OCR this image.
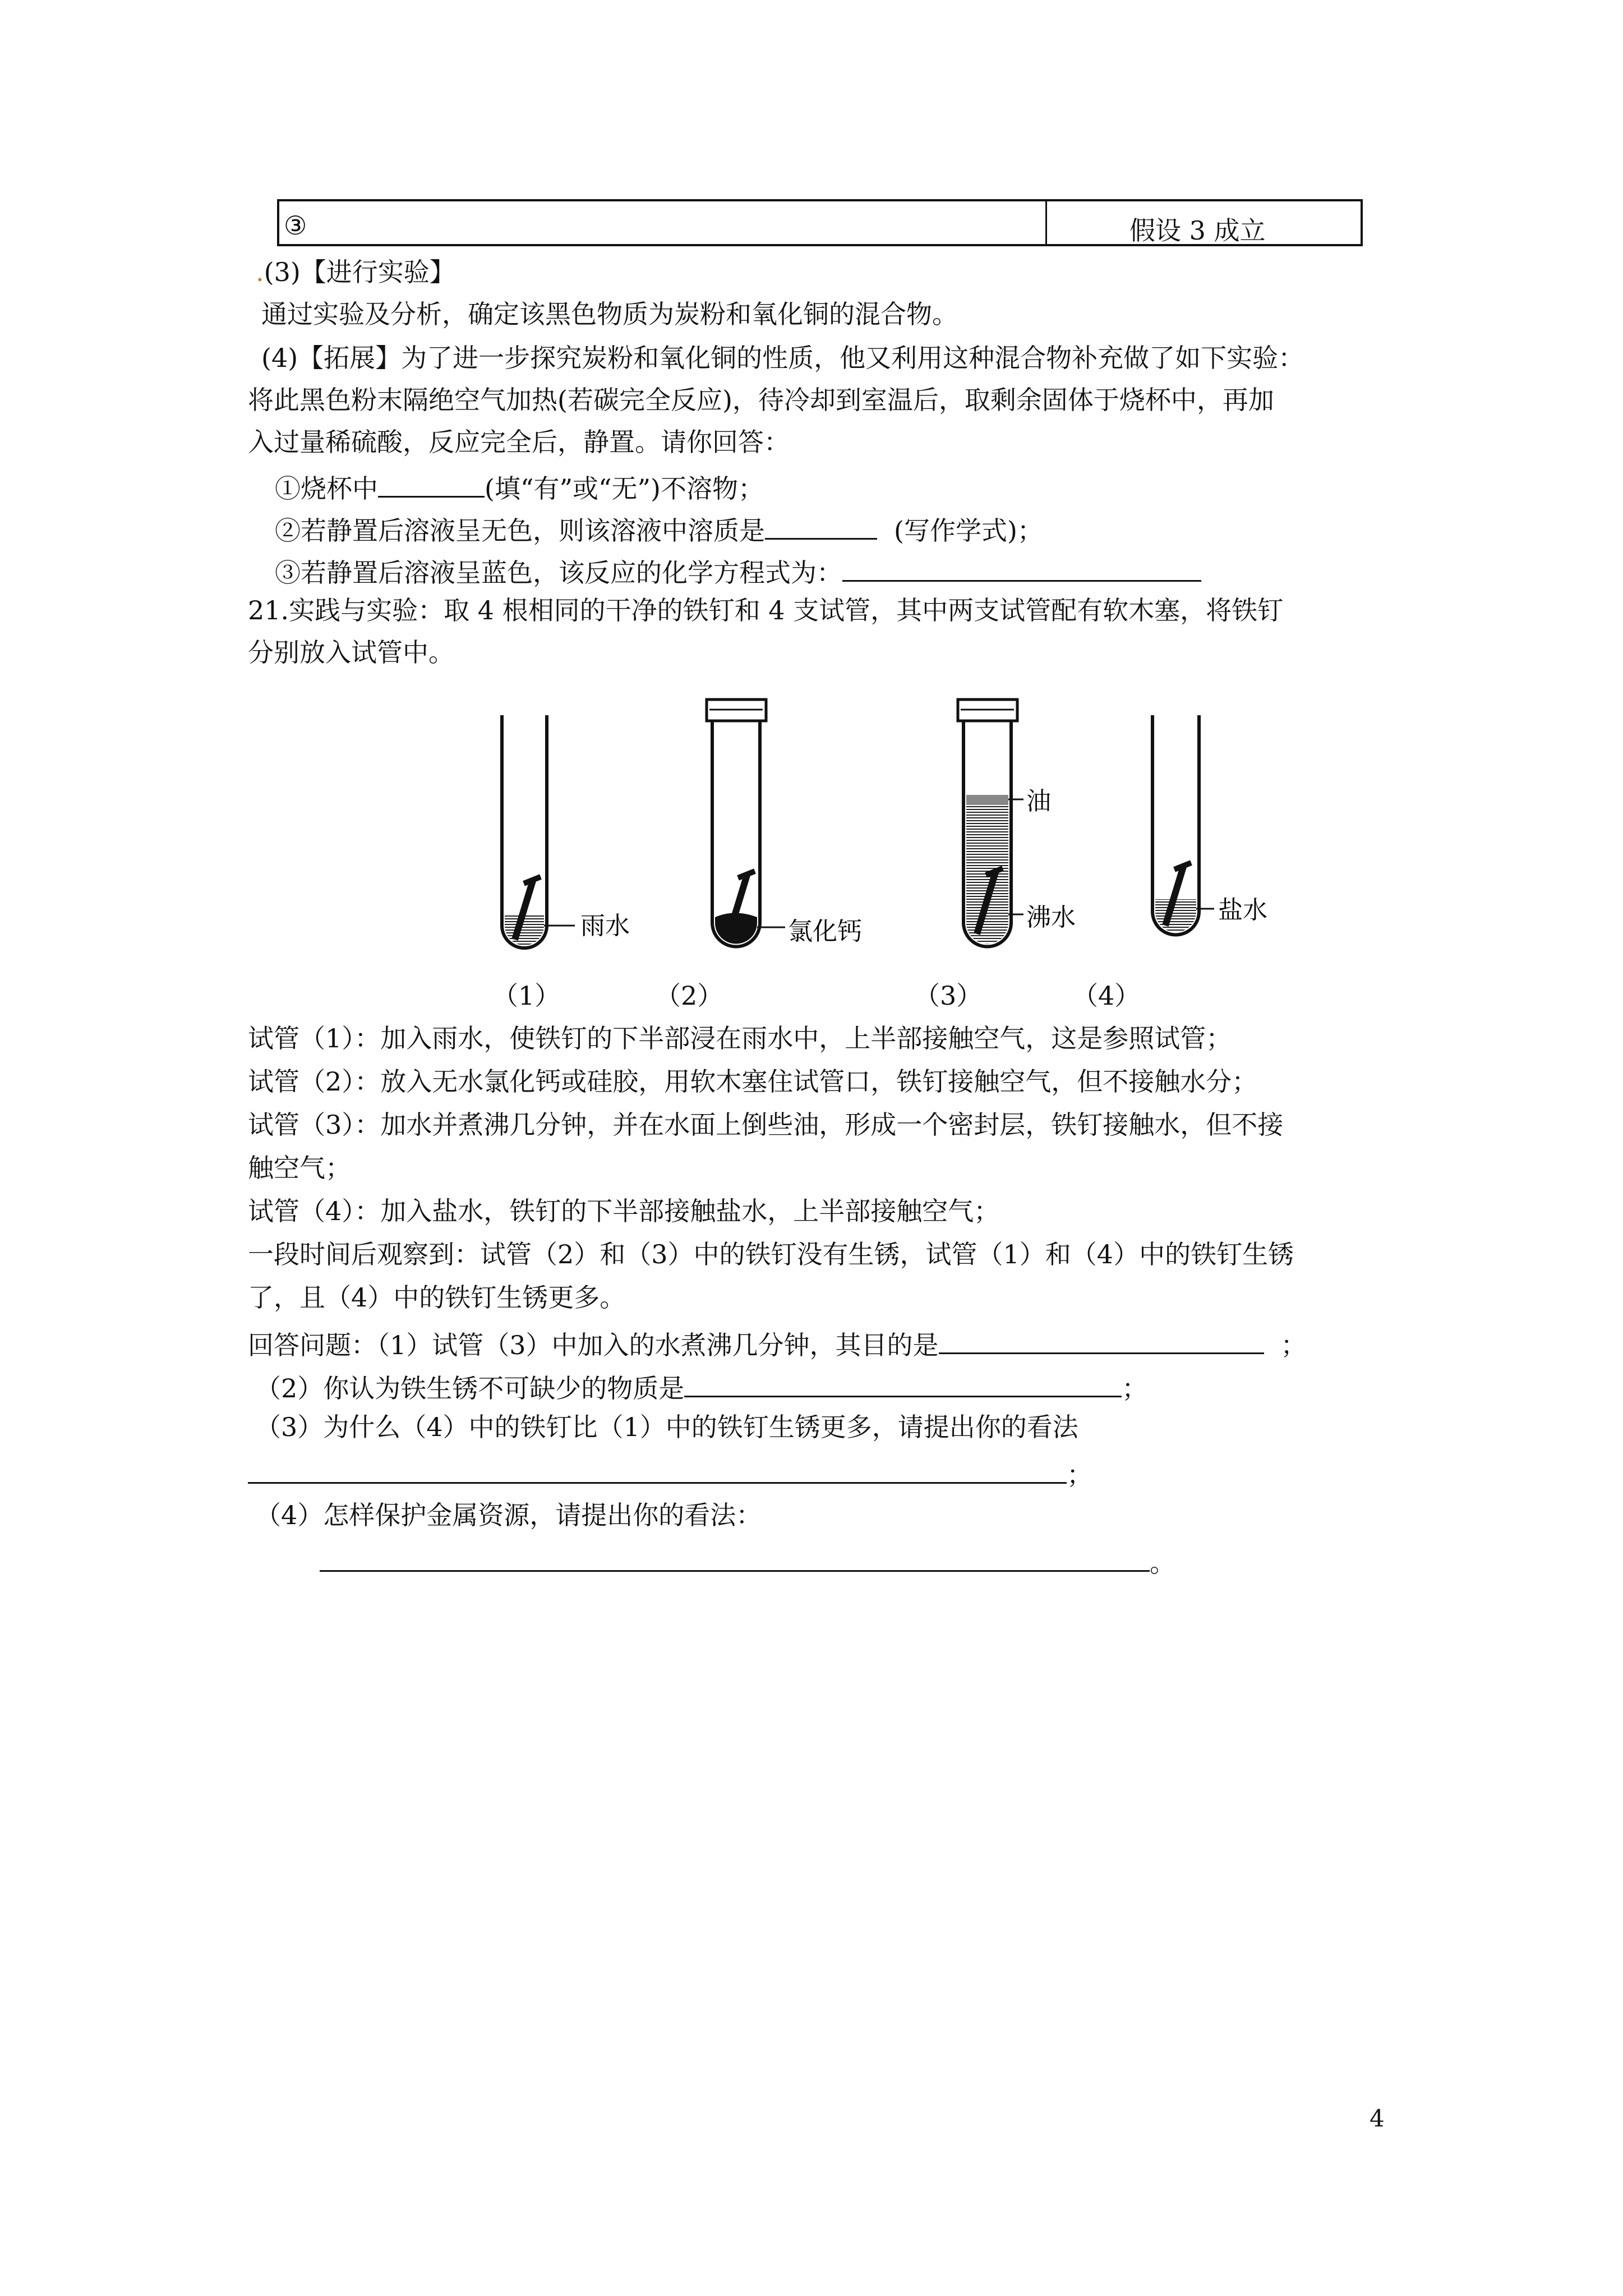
③	假设 3 成立
.(3)【进行实验】
通过实验及分析，确定该黑色物质为炭粉和氧化铜的混合物。
(4)【拓展】为了进一步探究炭粉和氧化铜的性质，他又利用这种混合物补充做了如下实验：
将此黑色粉末隔绝空气加热(若碳完全反应)，待冷却到室温后，取剩余固体于烧杯中，再加
入过量稀硫酸，反应完全后，静置。请你回答：
①烧杯中	(填“有”或“无”)不溶物；
②若静置后溶液呈无色，则该溶液中溶质是	(写作学式)；
③若静置后溶液呈蓝色，该反应的化学方程式为：
21.实践与实验：取 4 根相同的干净的铁钉和 4 支试管，其中两支试管配有软木塞，将铁钉
分别放入试管中。
雨水	氯化钙
油
沸水	盐水
（1）	（2）	（3）	（4）
试管（1）：加入雨水，使铁钉的下半部浸在雨水中，上半部接触空气，这是参照试管；
试管（2）：放入无水氯化钙或硅胶，用软木塞住试管口，铁钉接触空气，但不接触水分；
试管（3）：加水并煮沸几分钟，并在水面上倒些油，形成一个密封层，铁钉接触水，但不接
触空气；
试管（4）：加入盐水，铁钉的下半部接触盐水，上半部接触空气；
一段时间后观察到：试管（2）和（3）中的铁钉没有生锈，试管（1）和（4）中的铁钉生锈
了，且（4）中的铁钉生锈更多。
回答问题：（1）试管（3）中加入的水煮沸几分钟，其目的是	；
（2）你认为铁生锈不可缺少的物质是	；
（3）为什么（4）中的铁钉比（1）中的铁钉生锈更多，请提出你的看法
；
（4）怎样保护金属资源，请提出你的看法：
。
4
